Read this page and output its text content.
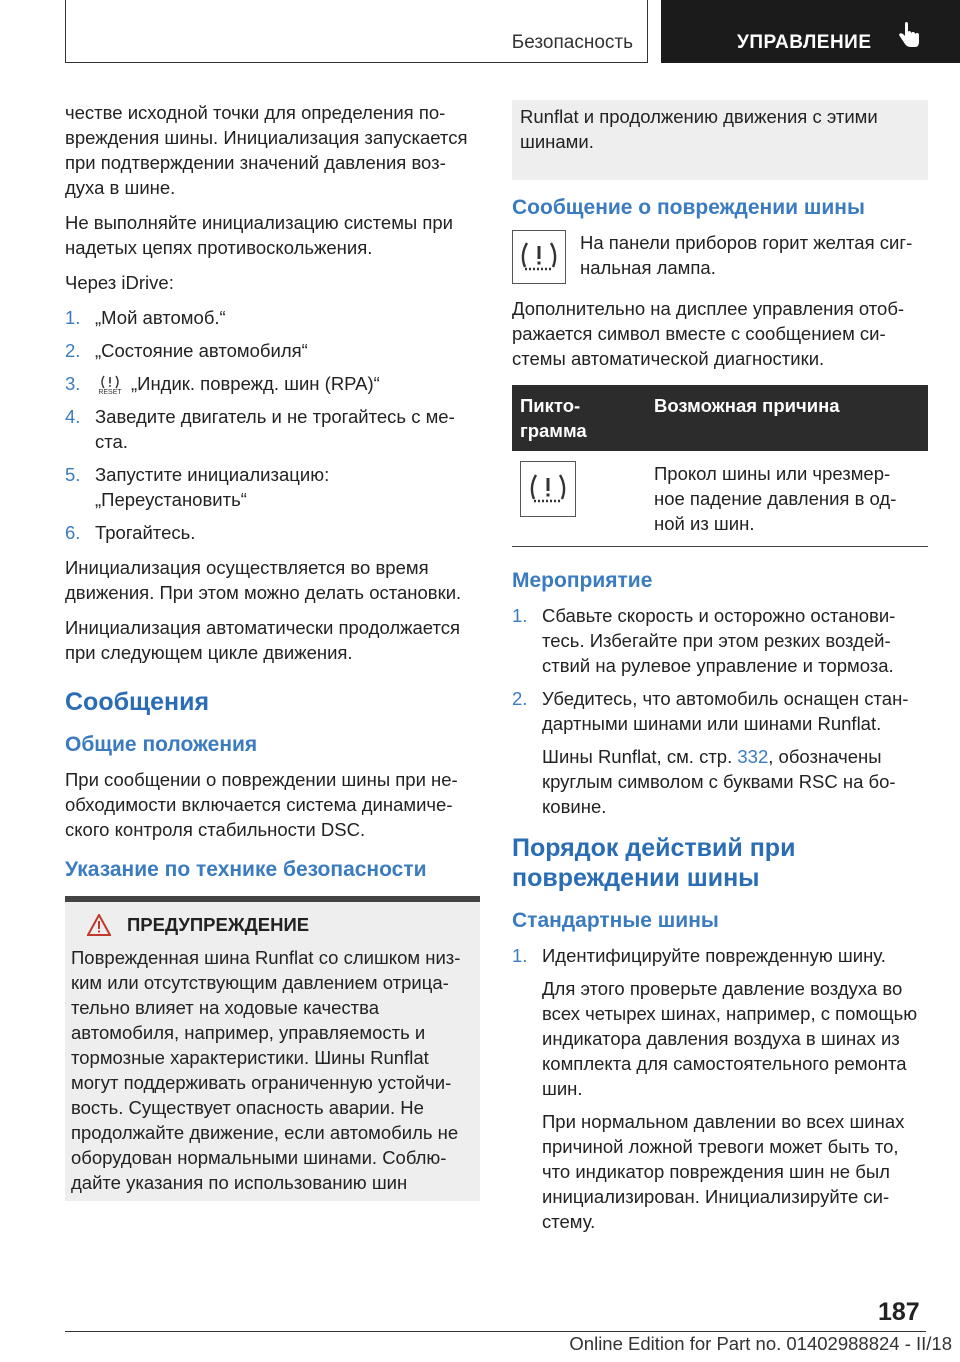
Безопасность	УПРАВЛЕНИЕ

честве исходной точки для определения по-вреждения шины. Инициализация запускается при подтверждении значений давления воз-духа в шине.

Не выполняйте инициализацию системы при надетых цепях противоскольжения.

Через iDrive:

1. „Мой автомоб.“
2. „Состояние автомобиля“
3.	RESET „Индик. поврежд. шин (RPA)“
4. Заведите двигатель и не трогайтесь с ме-ста.
5. Запустите инициализацию: „Переустановить“
6. Трогайтесь.

Инициализация осуществляется во время движения. При этом можно делать остановки.

Инициализация автоматически продолжается при следующем цикле движения.

Сообщения
Общие положения

При сообщении о повреждении шины при не-обходимости включается система динамиче-ского контроля стабильности DSC.

Указание по технике безопасности
ПРЕДУПРЕЖДЕНИЕ

Поврежденная шина Runflat со слишком низ-ким или отсутствующим давлением отрица-тельно влияет на ходовые качества автомобиля, например, управляемость и тормозные характеристики. Шины Runflat могут поддерживать ограниченную устойчи-вость. Существует опасность аварии. Не продолжайте движение, если автомобиль не оборудован нормальными шинами. Соблю-дайте указания по использованию шин

Runflat и продолжению движения с этими шинами.

Сообщение о повреждении шины

На панели приборов горит желтая сиг-нальная лампа.

Дополнительно на дисплее управления отоб-ражается символ вместе с сообщением си-стемы автоматической диагностики.

Пикто-грамма	Возможная причина

	Прокол шины или чрезмер-ное падение давления в од-ной из шин.
Мероприятие
1. Сбавьте скорость и осторожно останови-тесь. Избегайте при этом резких воздей-ствий на рулевое управление и тормоза.
2. Убедитесь, что автомобиль оснащен стан-дартными шинами или шинами Runflat.

Шины Runflat, см. стр. 332, обозначены круглым символом с буквами RSC на бо-ковине.

Порядок действий при повреждении шины
Стандартные шины
1. Идентифицируйте поврежденную шину.

Для этого проверьте давление воздуха во всех четырех шинах, например, с помощью индикатора давления воздуха в шинах из комплекта для самостоятельного ремонта шин.

При нормальном давлении во всех шинах причиной ложной тревоги может быть то, что индикатор повреждения шин не был инициализирован. Инициализируйте си-стему.

187
Online Edition for Part no. 01402988824 - II/18
